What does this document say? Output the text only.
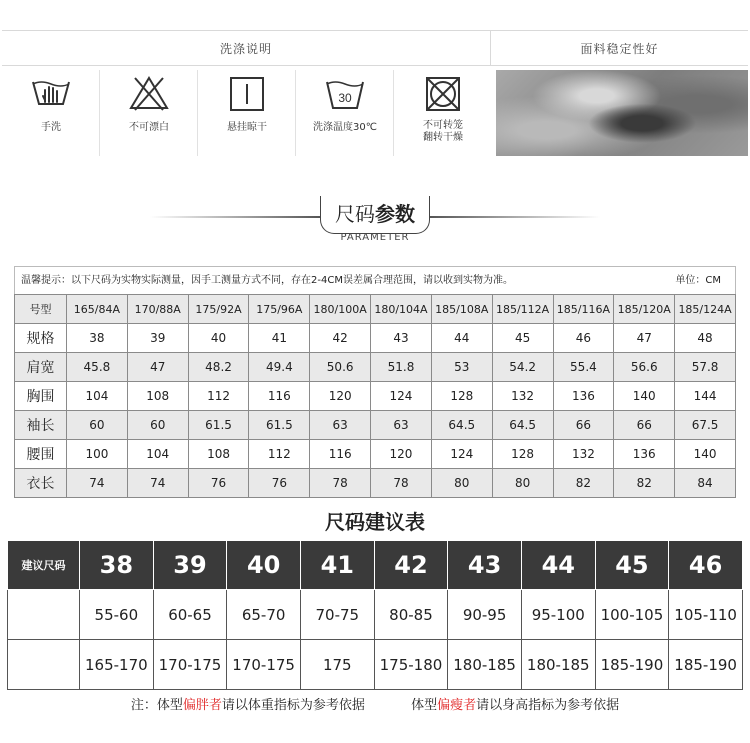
洗涤说明	面料稳定性好
手洗	不可漂白	悬挂晾干
30
洗涤温度30℃	不可转笼
翻转干燥
尺码参数
PARAMETER
温馨提示：以下尺码为实物实际测量，因手工测量方式不同，存在2-4CM误差属合理范围，请以收到实物为准。	单位：CM
号型	165/84A	170/88A	175/92A	175/96A	180/100A	180/104A	185/108A	185/112A	185/116A	185/120A	185/124A
规格	38	39	40	41	42	43	44	45	46	47	48
肩宽	45.8	47	48.2	49.4	50.6	51.8	53	54.2	55.4	56.6	57.8
胸围	104	108	112	116	120	124	128	132	136	140	144
袖长	60	60	61.5	61.5	63	63	64.5	64.5	66	66	67.5
腰围	100	104	108	112	116	120	124	128	132	136	140
衣长	74	74	76	76	78	78	80	80	82	82	84
尺码建议表
建议尺码	38	39	40	41	42	43	44	45	46
体重 kg	55-60	60-65	65-70	70-75	80-85	90-95	95-100	100-105	105-110
身高 cm	165-170	170-175	170-175	175	175-180	180-185	180-185	185-190	185-190
注：体型偏胖者请以体重指标为参考依据	体型偏瘦者请以身高指标为参考依据
